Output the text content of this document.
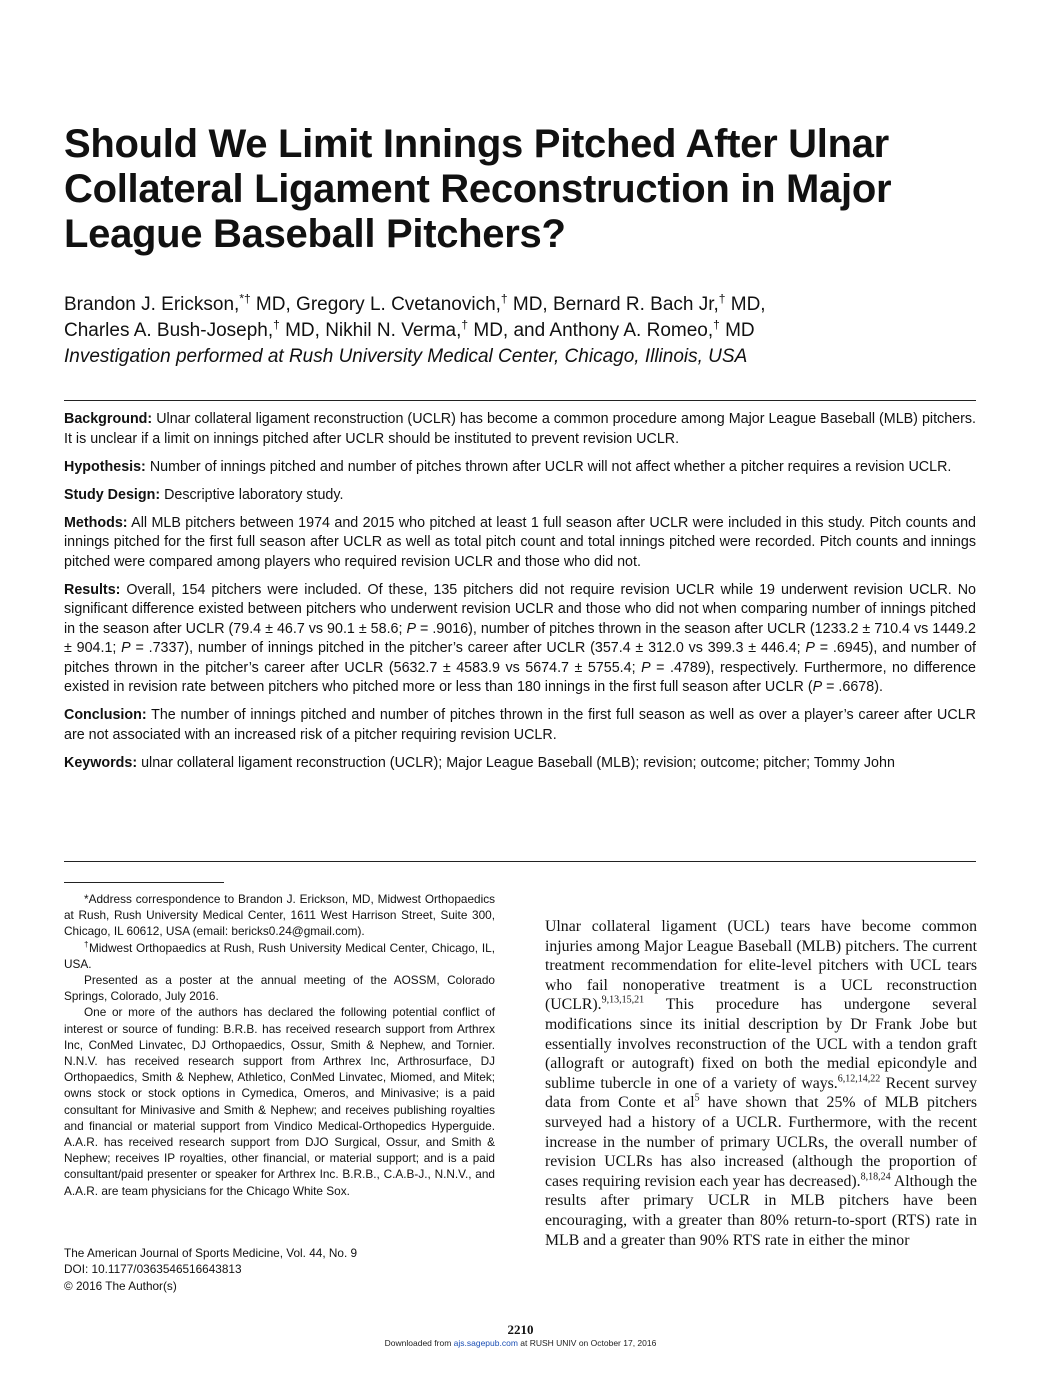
Should We Limit Innings Pitched After Ulnar Collateral Ligament Reconstruction in Major League Baseball Pitchers?
Brandon J. Erickson,*† MD, Gregory L. Cvetanovich,† MD, Bernard R. Bach Jr,† MD,
Charles A. Bush-Joseph,† MD, Nikhil N. Verma,† MD, and Anthony A. Romeo,† MD
Investigation performed at Rush University Medical Center, Chicago, Illinois, USA

Background: Ulnar collateral ligament reconstruction (UCLR) has become a common procedure among Major League Baseball (MLB) pitchers. It is unclear if a limit on innings pitched after UCLR should be instituted to prevent revision UCLR.

Hypothesis: Number of innings pitched and number of pitches thrown after UCLR will not affect whether a pitcher requires a revision UCLR.

Study Design: Descriptive laboratory study.

Methods: All MLB pitchers between 1974 and 2015 who pitched at least 1 full season after UCLR were included in this study. Pitch counts and innings pitched for the first full season after UCLR as well as total pitch count and total innings pitched were recorded. Pitch counts and innings pitched were compared among players who required revision UCLR and those who did not.

Results: Overall, 154 pitchers were included. Of these, 135 pitchers did not require revision UCLR while 19 underwent revision UCLR. No significant difference existed between pitchers who underwent revision UCLR and those who did not when comparing number of innings pitched in the season after UCLR (79.4 ± 46.7 vs 90.1 ± 58.6; P = .9016), number of pitches thrown in the season after UCLR (1233.2 ± 710.4 vs 1449.2 ± 904.1; P = .7337), number of innings pitched in the pitcher’s career after UCLR (357.4 ± 312.0 vs 399.3 ± 446.4; P = .6945), and number of pitches thrown in the pitcher’s career after UCLR (5632.7 ± 4583.9 vs 5674.7 ± 5755.4; P = .4789), respectively. Furthermore, no difference existed in revision rate between pitchers who pitched more or less than 180 innings in the first full season after UCLR (P = .6678).

Conclusion: The number of innings pitched and number of pitches thrown in the first full season as well as over a player’s career after UCLR are not associated with an increased risk of a pitcher requiring revision UCLR.

Keywords: ulnar collateral ligament reconstruction (UCLR); Major League Baseball (MLB); revision; outcome; pitcher; Tommy John

*Address correspondence to Brandon J. Erickson, MD, Midwest Orthopaedics at Rush, Rush University Medical Center, 1611 West Harrison Street, Suite 300, Chicago, IL 60612, USA (email: bericks0.24@gmail.com).

†Midwest Orthopaedics at Rush, Rush University Medical Center, Chicago, IL, USA.

Presented as a poster at the annual meeting of the AOSSM, Colorado Springs, Colorado, July 2016.

One or more of the authors has declared the following potential conflict of interest or source of funding: B.R.B. has received research support from Arthrex Inc, ConMed Linvatec, DJ Orthopaedics, Ossur, Smith & Nephew, and Tornier. N.N.V. has received research support from Arthrex Inc, Arthrosurface, DJ Orthopaedics, Smith & Nephew, Athletico, ConMed Linvatec, Miomed, and Mitek; owns stock or stock options in Cymedica, Omeros, and Minivasive; is a paid consultant for Minivasive and Smith & Nephew; and receives publishing royalties and financial or material support from Vindico Medical-Orthopedics Hyperguide. A.A.R. has received research support from DJO Surgical, Ossur, and Smith & Nephew; receives IP royalties, other financial, or material support; and is a paid consultant/paid presenter or speaker for Arthrex Inc. B.R.B., C.A.B-J., N.N.V., and A.A.R. are team physicians for the Chicago White Sox.

The American Journal of Sports Medicine, Vol. 44, No. 9
DOI: 10.1177/0363546516643813
© 2016 The Author(s)

Ulnar collateral ligament (UCL) tears have become common injuries among Major League Baseball (MLB) pitchers. The current treatment recommendation for elite-level pitchers with UCL tears who fail nonoperative treatment is a UCL reconstruction (UCLR).$^{9,13,15,21}$ This procedure has undergone several modifications since its initial description by Dr Frank Jobe but essentially involves reconstruction of the UCL with a tendon graft (allograft or autograft) fixed on both the medial epicondyle and sublime tubercle in one of a variety of ways.$^{6,12,14,22}$ Recent survey data from Conte et $al^5$ have shown that 25% of MLB pitchers surveyed had a history of a UCLR. Furthermore, with the recent increase in the number of primary UCLRs, the overall number of revision UCLRs has also increased (although the proportion of cases requiring revision each year has decreased).$^{8,18,24}$ Although the results after primary UCLR in MLB pitchers have been encouraging, with a greater than 80% return-to-sport (RTS) rate in MLB and a greater than 90% RTS rate in either the minor

2210
Downloaded from ajs.sagepub.com at RUSH UNIV on October 17, 2016
